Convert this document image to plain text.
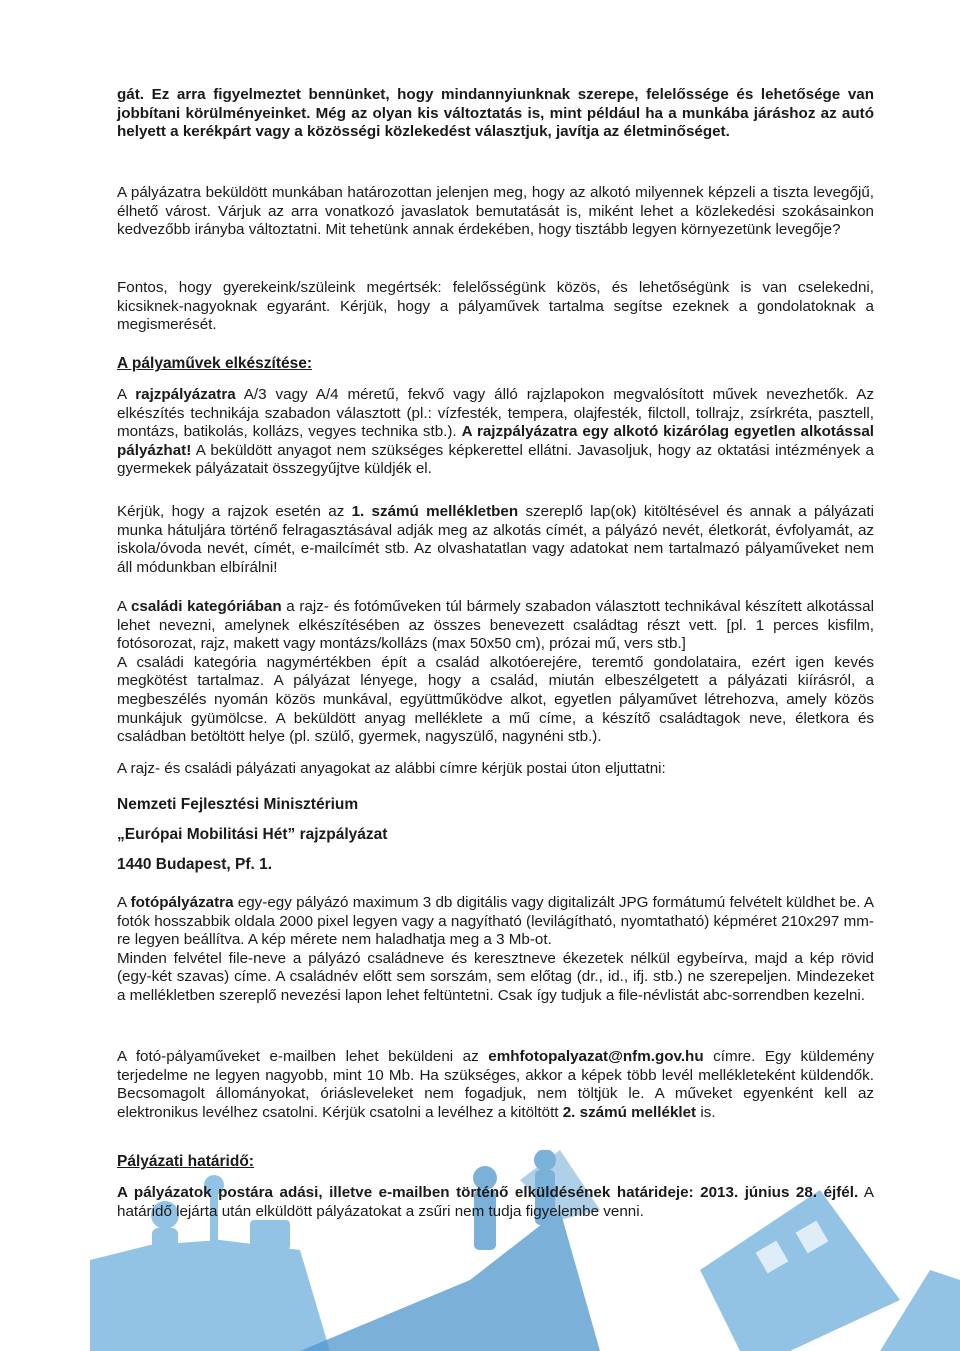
gát. Ez arra figyelmeztet bennünket, hogy mindannyiunknak szerepe, felelőssége és lehetősége van jobbítani körülményeinket. Még az olyan kis változtatás is, mint például ha a munkába járáshoz az autó helyett a kerékpárt vagy a közösségi közlekedést választjuk, javítja az életminőséget.

A pályázatra beküldött munkában határozottan jelenjen meg, hogy az alkotó milyennek képzeli a tiszta levegőjű, élhető várost. Várjuk az arra vonatkozó javaslatok bemutatását is, miként lehet a közlekedési szokásainkon kedvezőbb irányba változtatni. Mit tehetünk annak érdekében, hogy tisztább legyen környezetünk levegője?

Fontos, hogy gyerekeink/szüleink megértsék: felelősségünk közös, és lehetőségünk is van cselekedni, kicsiknek-nagyoknak egyaránt. Kérjük, hogy a pályaművek tartalma segítse ezeknek a gondolatoknak a megismerését.

A pályaművek elkészítése:

A rajzpályázatra A/3 vagy A/4 méretű, fekvő vagy álló rajzlapokon megvalósított művek nevezhetők. Az elkészítés technikája szabadon választott (pl.: vízfesték, tempera, olajfesték, filctoll, tollrajz, zsírkréta, pasztell, montázs, batikolás, kollázs, vegyes technika stb.). A rajzpályázatra egy alkotó kizárólag egyetlen alkotással pályázhat! A beküldött anyagot nem szükséges képkerettel ellátni. Javasoljuk, hogy az oktatási intézmények a gyermekek pályázatait összegyűjtve küldjék el.

Kérjük, hogy a rajzok esetén az 1. számú mellékletben szereplő lap(ok) kitöltésével és annak a pályázati munka hátuljára történő felragasztásával adják meg az alkotás címét, a pályázó nevét, életkorát, évfolyamát, az iskola/óvoda nevét, címét, e-mailcímét stb. Az olvashatatlan vagy adatokat nem tartalmazó pályaműveket nem áll módunkban elbírálni!

A családi kategóriában a rajz- és fotóműveken túl bármely szabadon választott technikával készített alkotással lehet nevezni, amelynek elkészítésében az összes benevezett családtag részt vett. [pl. 1 perces kisfilm, fotósorozat, rajz, makett vagy montázs/kollázs (max 50x50 cm), prózai mű, vers stb.]

A családi kategória nagymértékben épít a család alkotóerejére, teremtő gondolataira, ezért igen kevés megkötést tartalmaz. A pályázat lényege, hogy a család, miután elbeszélgetett a pályázati kiírásról, a megbeszélés nyomán közös munkával, együttműködve alkot, egyetlen pályaművet létrehozva, amely közös munkájuk gyümölcse. A beküldött anyag melléklete a mű címe, a készítő családtagok neve, életkora és családban betöltött helye (pl. szülő, gyermek, nagyszülő, nagynéni stb.).

A rajz- és családi pályázati anyagokat az alábbi címre kérjük postai úton eljuttatni:

Nemzeti Fejlesztési Minisztérium
„Európai Mobilitási Hét” rajzpályázat
1440 Budapest, Pf. 1.

A fotópályázatra egy-egy pályázó maximum 3 db digitális vagy digitalizált JPG formátumú felvételt küldhet be. A fotók hosszabbik oldala 2000 pixel legyen vagy a nagyítható (levilágítható, nyomtatható) képméret 210x297 mm-re legyen beállítva. A kép mérete nem haladhatja meg a 3 Mb-ot.

Minden felvétel file-neve a pályázó családneve és keresztneve ékezetek nélkül egybeírva, majd a kép rövid (egy-két szavas) címe. A családnév előtt sem sorszám, sem előtag (dr., id., ifj. stb.) ne szerepeljen. Mindezeket a mellékletben szereplő nevezési lapon lehet feltüntetni. Csak így tudjuk a file-névlistát abc-sorrendben kezelni.

A fotó-pályaműveket e-mailben lehet beküldeni az emhfotopalyazat@nfm.gov.hu címre. Egy küldemény terjedelme ne legyen nagyobb, mint 10 Mb. Ha szükséges, akkor a képek több levél mellékleteként küldendők. Becsomagolt állományokat, óriásleveleket nem fogadjuk, nem töltjük le. A műveket egyenként kell az elektronikus levélhez csatolni. Kérjük csatolni a levélhez a kitöltött 2. számú melléklet is.

Pályázati határidő:

A pályázatok postára adási, illetve e-mailben történő elküldésének határideje: 2013. június 28. éjfél. A határidő lejárta után elküldött pályázatokat a zsűri nem tudja figyelembe venni.
